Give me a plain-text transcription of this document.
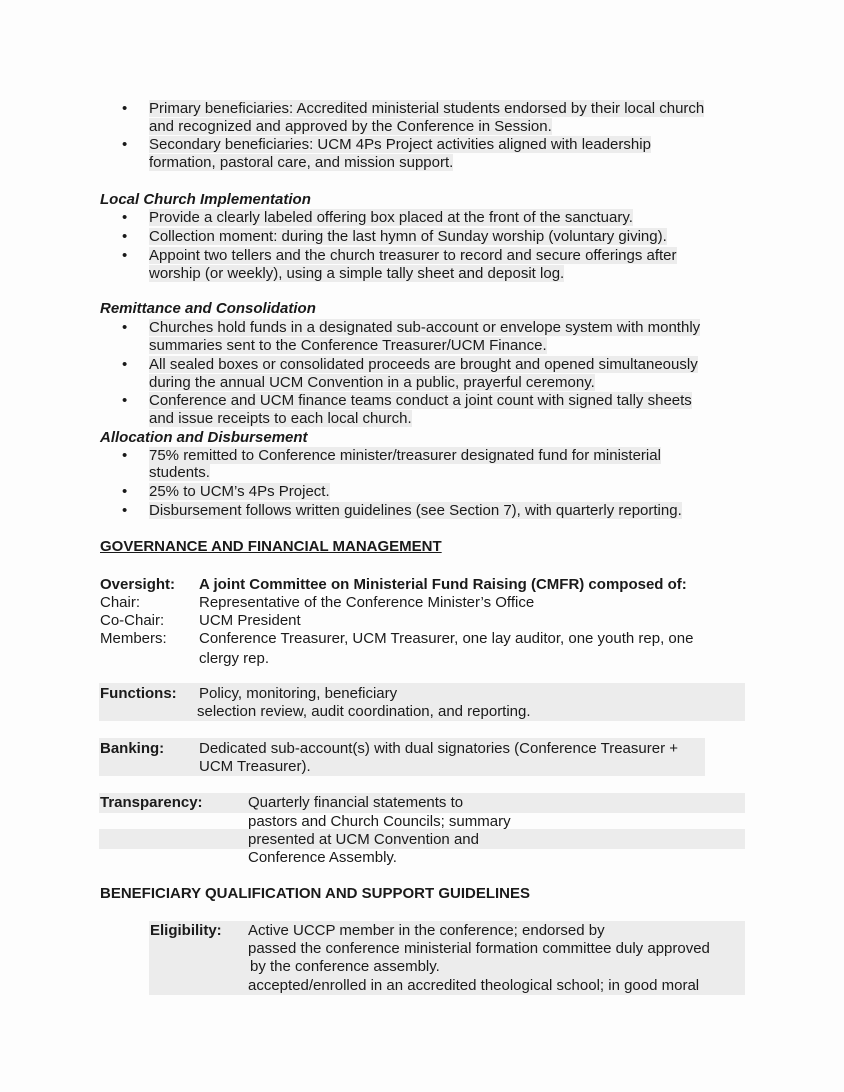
• Primary beneficiaries: Accredited ministerial students endorsed by their local church
and recognized and approved by the Conference in Session.
• Secondary beneficiaries: UCM 4Ps Project activities aligned with leadership
formation, pastoral care, and mission support.
Local Church Implementation
• Provide a clearly labeled offering box placed at the front of the sanctuary.
• Collection moment: during the last hymn of Sunday worship (voluntary giving).
• Appoint two tellers and the church treasurer to record and secure offerings after
worship (or weekly), using a simple tally sheet and deposit log.
Remittance and Consolidation
• Churches hold funds in a designated sub-account or envelope system with monthly
summaries sent to the Conference Treasurer/UCM Finance.
• All sealed boxes or consolidated proceeds are brought and opened simultaneously
during the annual UCM Convention in a public, prayerful ceremony.
• Conference and UCM finance teams conduct a joint count with signed tally sheets
and issue receipts to each local church.
Allocation and Disbursement
• 75% remitted to Conference minister/treasurer designated fund for ministerial
students.
• 25% to UCM’s 4Ps Project.
• Disbursement follows written guidelines (see Section 7), with quarterly reporting.
GOVERNANCE AND FINANCIAL MANAGEMENT
Oversight: A joint Committee on Ministerial Fund Raising (CMFR) composed of:
Chair:	Representative of the Conference Minister’s Office
Co-Chair: UCM President
Members: Conference Treasurer, UCM Treasurer, one lay auditor, one youth rep, one
clergy rep.
Functions: Policy, monitoring, beneficiary
selection review, audit coordination, and reporting.
Banking: Dedicated sub-account(s) with dual signatories (Conference Treasurer +
UCM Treasurer).
Transparency:	Quarterly financial statements to
pastors and Church Councils; summary
presented at UCM Convention and
Conference Assembly.
BENEFICIARY QUALIFICATION AND SUPPORT GUIDELINES
Eligibility: Active UCCP member in the conference; endorsed by
passed the conference ministerial formation committee duly approved
by the conference assembly.
accepted/enrolled in an accredited theological school; in good moral
